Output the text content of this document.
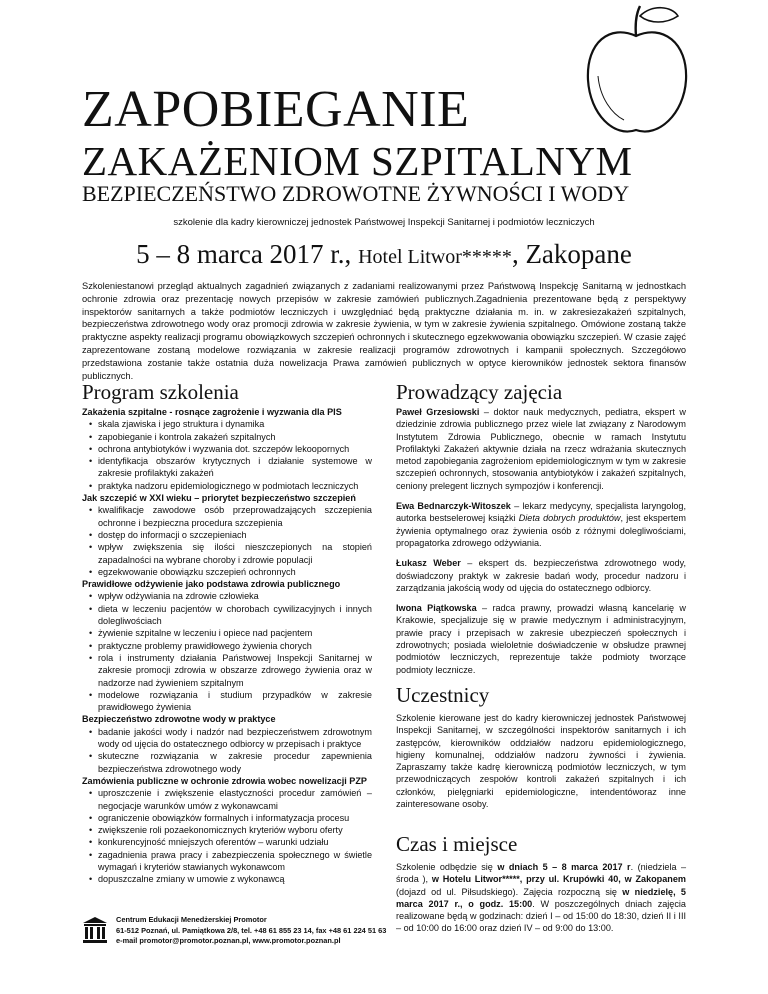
ZAPOBIEGANIE
ZAKAŻENIOM SZPITALNYM
BEZPIECZEŃSTWO ZDROWOTNE ŻYWNOŚCI I WODY
szkolenie dla kadry kierowniczej jednostek Państwowej Inspekcji Sanitarnej i podmiotów leczniczych
5 – 8 marca 2017 r., Hotel Litwor*****, Zakopane
Szkoleniestanowi przegląd aktualnych zagadnień związanych z zadaniami realizowanymi przez Państwową Inspekcję Sanitarną w jednostkach ochronie zdrowia oraz prezentację nowych przepisów w zakresie zamówień publicznych.Zagadnienia prezentowane będą z perspektywy inspektorów sanitarnych a także podmiotów leczniczych i uwzględniać będą praktyczne działania m. in. w zakresiezakażeń szpitalnych, bezpieczeństwa zdrowotnego wody oraz promocji zdrowia w zakresie żywienia, w tym w zakresie żywienia szpitalnego. Omówione zostaną także praktyczne aspekty realizacji programu obowiązkowych szczepień ochronnych i skutecznego egzekwowania obowiązku szczepień. W czasie zajęć zaprezentowane zostaną modelowe rozwiązania w zakresie realizacji programów zdrowotnych i kampanii społecznych. Szczegółowo przedstawiona zostanie także ostatnia duża nowelizacja Prawa zamówień publicznych w optyce kierowników jednostek sektora finansów publicznych.
Program szkolenia	Prowadzący zajęcia

Zakażenia szpitalne - rosnące zagrożenie i wyzwania dla PIS

• skala zjawiska i jego struktura i dynamika
• zapobieganie i kontrola zakażeń szpitalnych
• ochrona antybiotyków i wyzwania dot. szczepów lekoopornych
• identyfikacja obszarów krytycznych i działanie systemowe w zakresie profilaktyki zakażeń
• praktyka nadzoru epidemiologicznego w podmiotach leczniczych

Jak szczepić w XXI wieku – priorytet bezpieczeństwo szczepień

• kwalifikacje zawodowe osób przeprowadzających szczepienia ochronne i bezpieczna procedura szczepienia
• dostęp do informacji o szczepieniach
• wpływ zwiększenia się ilości nieszczepionych na stopień zapadalności na wybrane choroby i zdrowie populacji
• egzekwowanie obowiązku szczepień ochronnych

Prawidłowe odżywienie jako podstawa zdrowia publicznego

• wpływ odżywiania na zdrowie człowieka
• dieta w leczeniu pacjentów w chorobach cywilizacyjnych i innych dolegliwościach
• żywienie szpitalne w leczeniu i opiece nad pacjentem
• praktyczne problemy prawidłowego żywienia chorych
• rola i instrumenty działania Państwowej Inspekcji Sanitarnej w zakresie promocji zdrowia w obszarze zdrowego żywienia oraz w nadzorze nad żywieniem szpitalnym
• modelowe rozwiązania i studium przypadków w zakresie prawidłowego żywienia

Bezpieczeństwo zdrowotne wody w praktyce

• badanie jakości wody i nadzór nad bezpieczeństwem zdrowotnym wody od ujęcia do ostatecznego odbiorcy w przepisach i praktyce
• skuteczne rozwiązania w zakresie procedur zapewnienia bezpieczeństwa zdrowotnego wody

Zamówienia publiczne w ochronie zdrowia wobec nowelizacji PZP

• uproszczenie i zwiększenie elastyczności procedur zamówień – negocjacje warunków umów z wykonawcami
• ograniczenie obowiązków formalnych i informatyzacja procesu
• zwiększenie roli pozaekonomicznych kryteriów wyboru oferty
• konkurencyjność mniejszych oferentów – warunki udziału
• zagadnienia prawa pracy i zabezpieczenia społecznego w świetle wymagań i kryteriów stawianych wykonawcom
• dopuszczalne zmiany w umowie z wykonawcą

Paweł Grzesiowski – doktor nauk medycznych, pediatra, ekspert w dziedzinie zdrowia publicznego przez wiele lat związany z Narodowym Instytutem Zdrowia Publicznego, obecnie w ramach Instytutu Profilaktyki Zakażeń aktywnie działa na rzecz wdrażania skutecznych metod zapobiegania zagrożeniom epidemiologicznym w tym w zakresie szczepień ochronnych, stosowania antybiotyków i zakażeń szpitalnych, ceniony prelegent licznych sympozjów i konferencji.

Ewa Bednarczyk-Witoszek – lekarz medycyny, specjalista laryngolog, autorka bestselerowej książki Dieta dobrych produktów, jest ekspertem żywienia optymalnego oraz żywienia osób z różnymi dolegliwościami, propagatorka zdrowego odżywiania.

Łukasz Weber – ekspert ds. bezpieczeństwa zdrowotnego wody, doświadczony praktyk w zakresie badań wody, procedur nadzoru i zarządzania jakością wody od ujęcia do ostatecznego odbiorcy.

Iwona Piątkowska – radca prawny, prowadzi własną kancelarię w Krakowie, specjalizuje się w prawie medycznym i administracyjnym, prawie pracy i przepisach w zakresie ubezpieczeń społecznych i zdrowotnych; posiada wieloletnie doświadczenie w obsłudze prawnej podmiotów leczniczych, reprezentuje także podmioty tworzące podmioty lecznicze.

Uczestnicy

Szkolenie kierowane jest do kadry kierowniczej jednostek Państwowej Inspekcji Sanitarnej, w szczególności inspektorów sanitarnych i ich zastępców, kierowników oddziałów nadzoru epidemiologicznego, higieny komunalnej, oddziałów nadzoru żywności i żywienia. Zapraszamy także kadrę kierowniczą podmiotów leczniczych, w tym przewodniczących zespołów kontroli zakażeń szpitalnych i ich członków, pielęgniarki epidemiologiczne, intendentóworaz inne zainteresowane osoby.

Czas i miejsce

Szkolenie odbędzie się w dniach 5 – 8 marca 2017 r. (niedziela – środa ), w Hotelu Litwor*****, przy ul. Krupówki 40, w Zakopanem (dojazd od ul. Piłsudskiego). Zajęcia rozpoczną się w niedzielę, 5 marca 2017 r., o godz. 15:00. W poszczególnych dniach zajęcia realizowane będą w godzinach: dzień I – od 15:00 do 18:30, dzień II i III – od 10:00 do 16:00 oraz dzień IV – od 9:00 do 13:00.

Centrum Edukacji Menedżerskiej Promotor
61-512 Poznań, ul. Pamiątkowa 2/8, tel. +48 61 855 23 14, fax +48 61 224 51 63
e-mail promotor@promotor.poznan.pl, www.promotor.poznan.pl
